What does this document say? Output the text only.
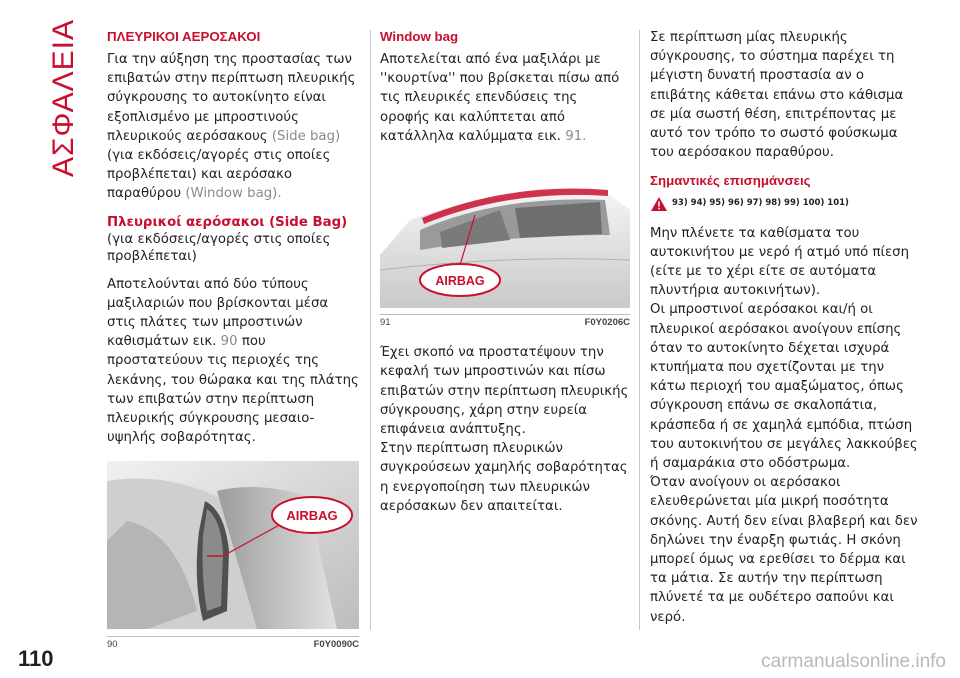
ΑΣΦΑΛΕΙΑ ΠΛΕΥΡΙΚΟΙ ΑΕΡΟΣΑΚΟΙ

Για την αύξηση της προστασίας των επιβατών στην περίπτωση πλευρικής σύγκρουσης το αυτοκίνητο είναι εξοπλισμένο με μπροστινούς πλευρικούς αερόσακους (Side bag) (για εκδόσεις/αγορές στις οποίες προβλέπεται) και αερόσακο παραθύρου (Window bag).

Πλευρικοί αερόσακοι (Side Bag)

(για εκδόσεις/αγορές στις οποίες προβλέπεται)

Αποτελούνται από δύο τύπους μαξιλαριών που βρίσκονται μέσα στις πλάτες των μπροστινών καθισμάτων εικ. 90 που προστατεύουν τις περιοχές της λεκάνης, του θώρακα και της πλάτης των επιβατών στην περίπτωση πλευρικής σύγκρουσης μεσαιο-υψηλής σοβαρότητας.

AIRBAG
90	F0Y0090C
Window bag

Αποτελείται από ένα μαξιλάρι με ''κουρτίνα'' που βρίσκεται πίσω από τις πλευρικές επενδύσεις της οροφής και καλύπτεται από κατάλληλα καλύμματα εικ. 91.

AIRBAG
91	F0Y0206C

Έχει σκοπό να προστατέψουν την κεφαλή των μπροστινών και πίσω επιβατών στην περίπτωση πλευρικής σύγκρουσης, χάρη στην ευρεία επιφάνεια ανάπτυξης.

Στην περίπτωση πλευρικών συγκρούσεων χαμηλής σοβαρότητας η ενεργοποίηση των πλευρικών αερόσακων δεν απαιτείται.

Σε περίπτωση μίας πλευρικής σύγκρουσης, το σύστημα παρέχει τη μέγιστη δυνατή προστασία αν ο επιβάτης κάθεται επάνω στο κάθισμα σε μία σωστή θέση, επιτρέποντας με αυτό τον τρόπο το σωστό φούσκωμα του αερόσακου παραθύρου.

Σημαντικές επισημάνσεις
93) 94) 95) 96) 97) 98) 99) 100) 101)

Μην πλένετε τα καθίσματα του αυτοκινήτου με νερό ή ατμό υπό πίεση (είτε με το χέρι είτε σε αυτόματα πλυντήρια αυτοκινήτων).

Οι μπροστινοί αερόσακοι και/ή οι πλευρικοί αερόσακοι ανοίγουν επίσης όταν το αυτοκίνητο δέχεται ισχυρά κτυπήματα που σχετίζονται με την κάτω περιοχή του αμαξώματος, όπως σύγκρουση επάνω σε σκαλοπάτια, κράσπεδα ή σε χαμηλά εμπόδια, πτώση του αυτοκινήτου σε μεγάλες λακκούβες ή σαμαράκια στο οδόστρωμα.

Όταν ανοίγουν οι αερόσακοι ελευθερώνεται μία μικρή ποσότητα σκόνης. Αυτή δεν είναι βλαβερή και δεν δηλώνει την έναρξη φωτιάς. Η σκόνη μπορεί όμως να ερεθίσει το δέρμα και τα μάτια. Σε αυτήν την περίπτωση πλύνετέ τα με ουδέτερο σαπούνι και νερό.

110	carmanualsonline.info
